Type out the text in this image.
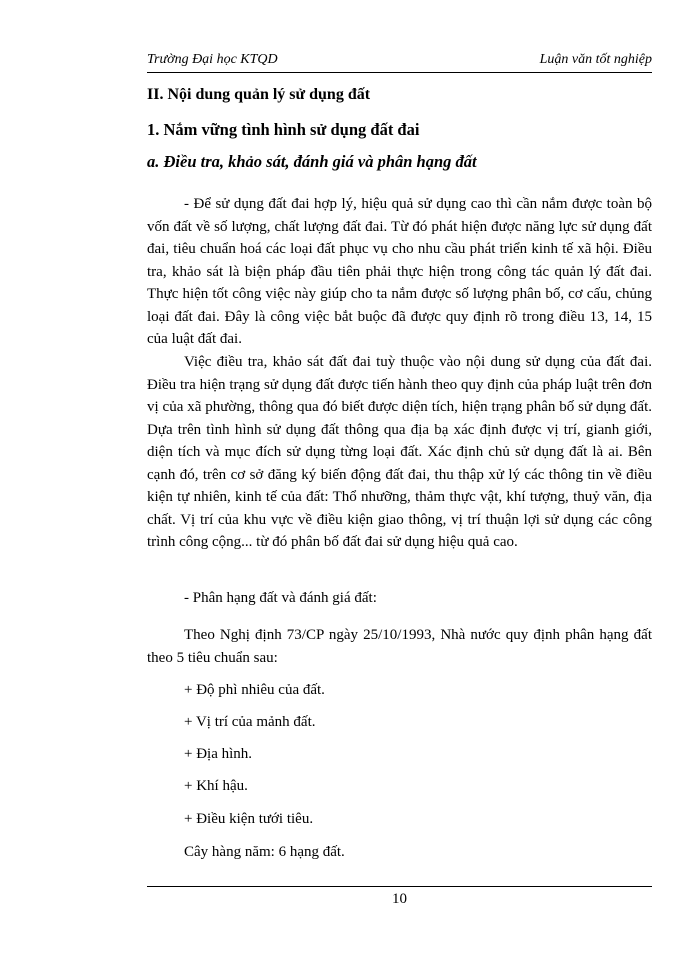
Trường Đại học KTQD	Luận văn tốt nghiệp
II. Nội dung quản lý sử dụng đất
1. Nắm vững tình hình sử dụng đất đai
a. Điều tra, khảo sát, đánh giá và phân hạng đất

- Để sử dụng đất đai hợp lý, hiệu quả sử dụng cao thì cần nắm được toàn bộ vốn đất về số lượng, chất lượng đất đai. Từ đó phát hiện được năng lực sử dụng đất đai, tiêu chuẩn hoá các loại đất phục vụ cho nhu cầu phát triển kinh tế xã hội. Điều tra, khảo sát là biện pháp đầu tiên phải thực hiện trong công tác quản lý đất đai. Thực hiện tốt công việc này giúp cho ta nắm được số lượng phân bố, cơ cấu, chủng loại đất đai. Đây là công việc bắt buộc đã được quy định rõ trong điều 13, 14, 15 của luật đất đai.

Việc điều tra, khảo sát đất đai tuỳ thuộc vào nội dung sử dụng của đất đai. Điều tra hiện trạng sử dụng đất được tiến hành theo quy định của pháp luật trên đơn vị của xã phường, thông qua đó biết được diện tích, hiện trạng phân bố sử dụng đất. Dựa trên tình hình sử dụng đất thông qua địa bạ xác định được vị trí, gianh giới, diện tích và mục đích sử dụng từng loại đất. Xác định chủ sử dụng đất là ai. Bên cạnh đó, trên cơ sở đăng ký biến động đất đai, thu thập xử lý các thông tin về điều kiện tự nhiên, kinh tế của đất: Thổ nhưỡng, thảm thực vật, khí tượng, thuỷ văn, địa chất. Vị trí của khu vực về điều kiện giao thông, vị trí thuận lợi sử dụng các công trình công cộng... từ đó phân bố đất đai sử dụng hiệu quả cao.

- Phân hạng đất và đánh giá đất:
Theo Nghị định 73/CP ngày 25/10/1993, Nhà nước quy định phân hạng đất theo 5 tiêu chuẩn sau:
+ Độ phì nhiêu của đất.
+ Vị trí của mảnh đất.
+ Địa hình.
+ Khí hậu.
+ Điều kiện tưới tiêu.
Cây hàng năm: 6 hạng đất.
10
